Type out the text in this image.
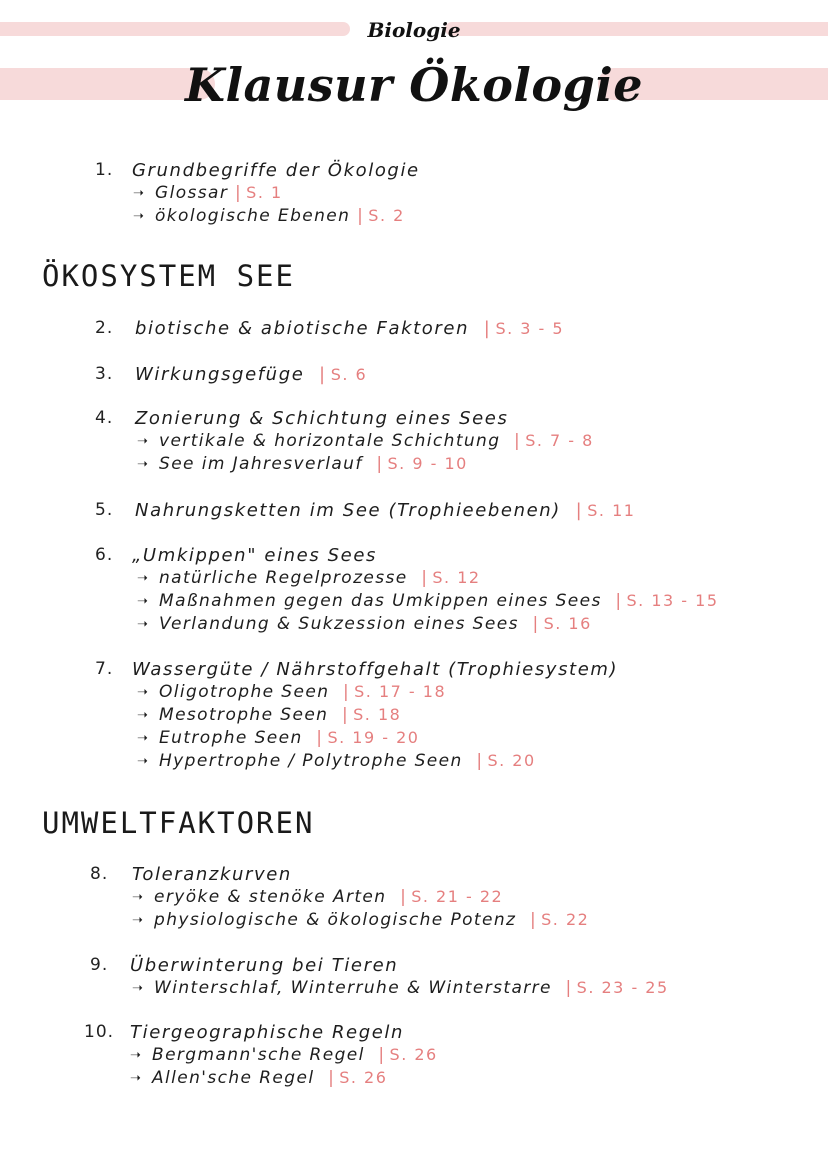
Biologie
Klausur Ökologie
1. Grundbegriffe der Ökologie
➝ Glossar | S. 1
➝ ökologische Ebenen | S. 2
ÖKOSYSTEM SEE
2. biotische & abiotische Faktoren  | S. 3 - 5
3. Wirkungsgefüge  | S. 6
4. Zonierung & Schichtung eines Sees
➝ vertikale & horizontale Schichtung  | S. 7 - 8
➝ See im Jahresverlauf  | S. 9 - 10
5. Nahrungsketten im See (Trophieebenen)  | S. 11
6. „Umkippen" eines Sees
➝ natürliche Regelprozesse  | S. 12
➝ Maßnahmen gegen das Umkippen eines Sees  | S. 13 - 15
➝ Verlandung & Sukzession eines Sees  | S. 16
7. Wassergüte / Nährstoffgehalt (Trophiesystem)
➝ Oligotrophe Seen  | S. 17 - 18
➝ Mesotrophe Seen  | S. 18
➝ Eutrophe Seen  | S. 19 - 20
➝ Hypertrophe / Polytrophe Seen  | S. 20
UMWELTFAKTOREN
8. Toleranzkurven
➝ eryöke & stenöke Arten  | S. 21 - 22
➝ physiologische & ökologische Potenz  | S. 22
9. Überwinterung bei Tieren
➝ Winterschlaf, Winterruhe & Winterstarre  | S. 23 - 25
10. Tiergeographische Regeln
➝ Bergmann'sche Regel  | S. 26
➝ Allen'sche Regel  | S. 26
